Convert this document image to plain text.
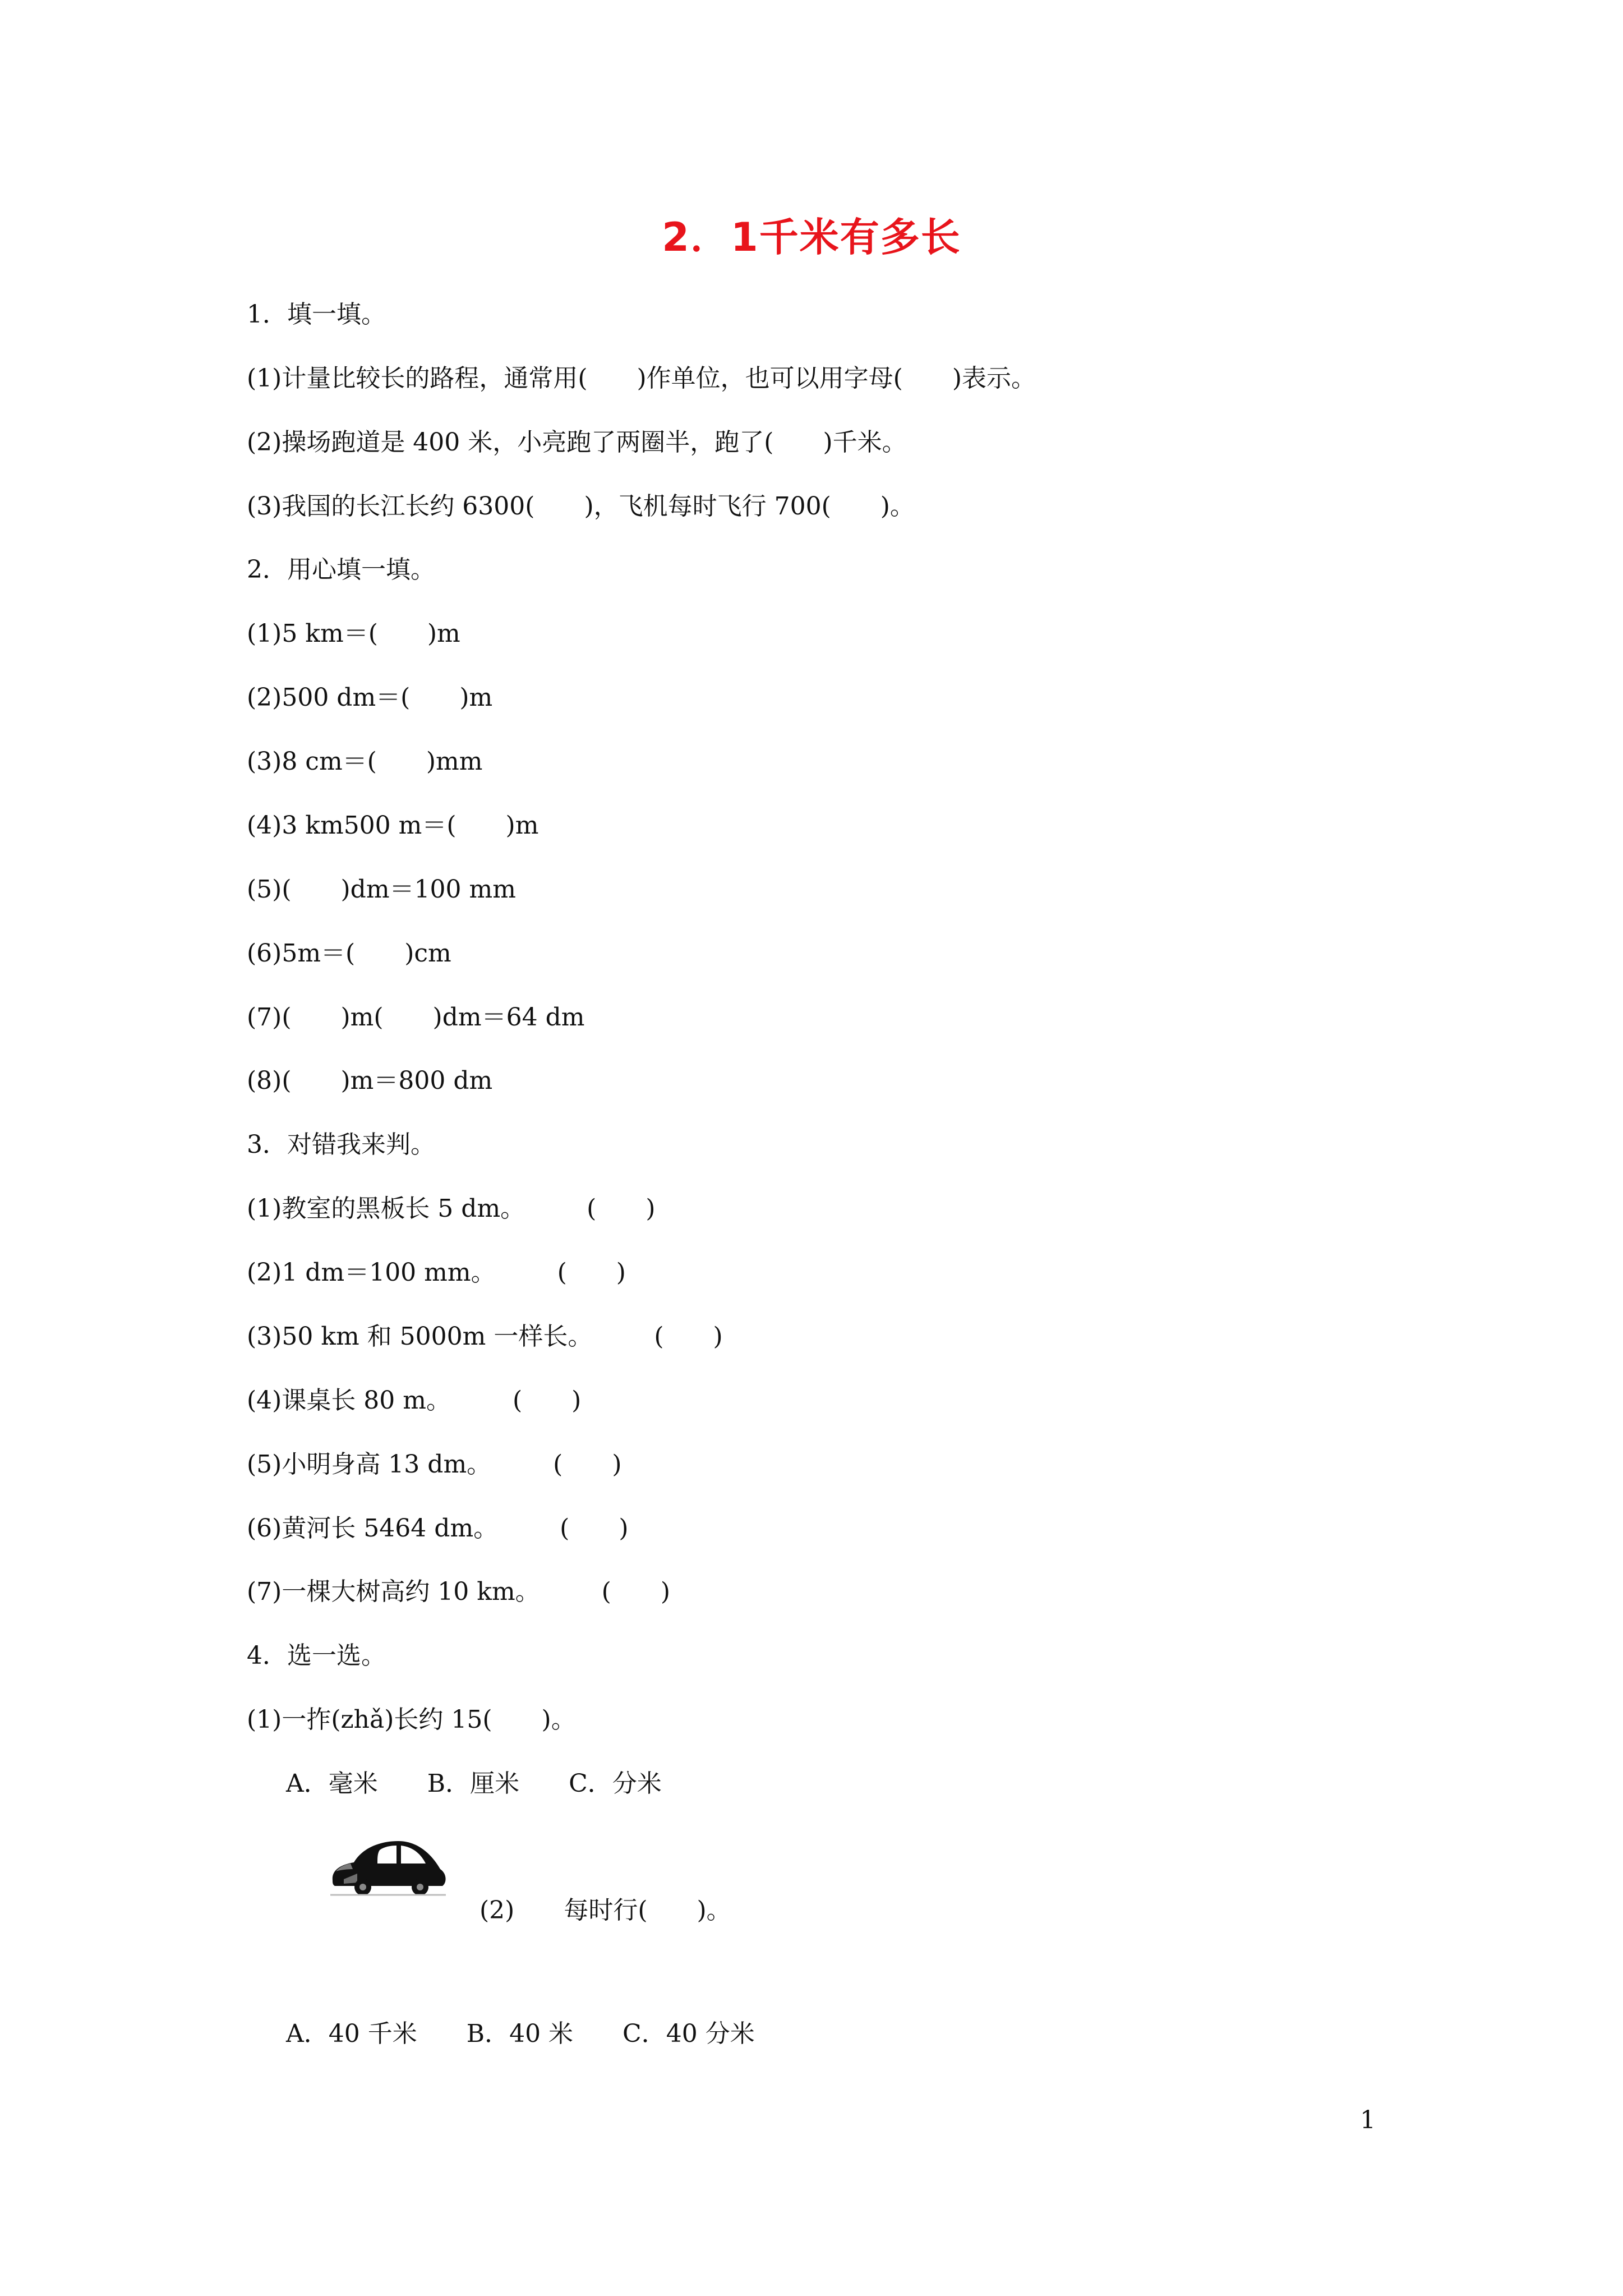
2．1千米有多长
1．填一填。
(1)计量比较长的路程，通常用(　　)作单位，也可以用字母(　　)表示。
(2)操场跑道是 400 米，小亮跑了两圈半，跑了(　　)千米。
(3)我国的长江长约 6300(　　)，飞机每时飞行 700(　　)。
2．用心填一填。
(1)5 km＝(　　)m
(2)500 dm＝(　　)m
(3)8 cm＝(　　)mm
(4)3 km500 m＝(　　)m
(5)(　　)dm＝100 mm
(6)5m＝(　　)cm
(7)(　　)m(　　)dm＝64 dm
(8)(　　)m＝800 dm
3．对错我来判。
(1)教室的黑板长 5 dm。　　　(　　)
(2)1 dm＝100 mm。　　　(　　)
(3)50 km 和 5000m 一样长。　　　(　　)
(4)课桌长 80 m。　　　(　　)
(5)小明身高 13 dm。　　　(　　)
(6)黄河长 5464 dm。　　　(　　)
(7)一棵大树高约 10 km。　　　(　　)
4．选一选。
(1)一拃(zhǎ)长约 15(　　)。
A．毫米　　B．厘米　　C．分米
(2)　　每时行(　　)。
A．40 千米　　B．40 米　　C．40 分米
1
